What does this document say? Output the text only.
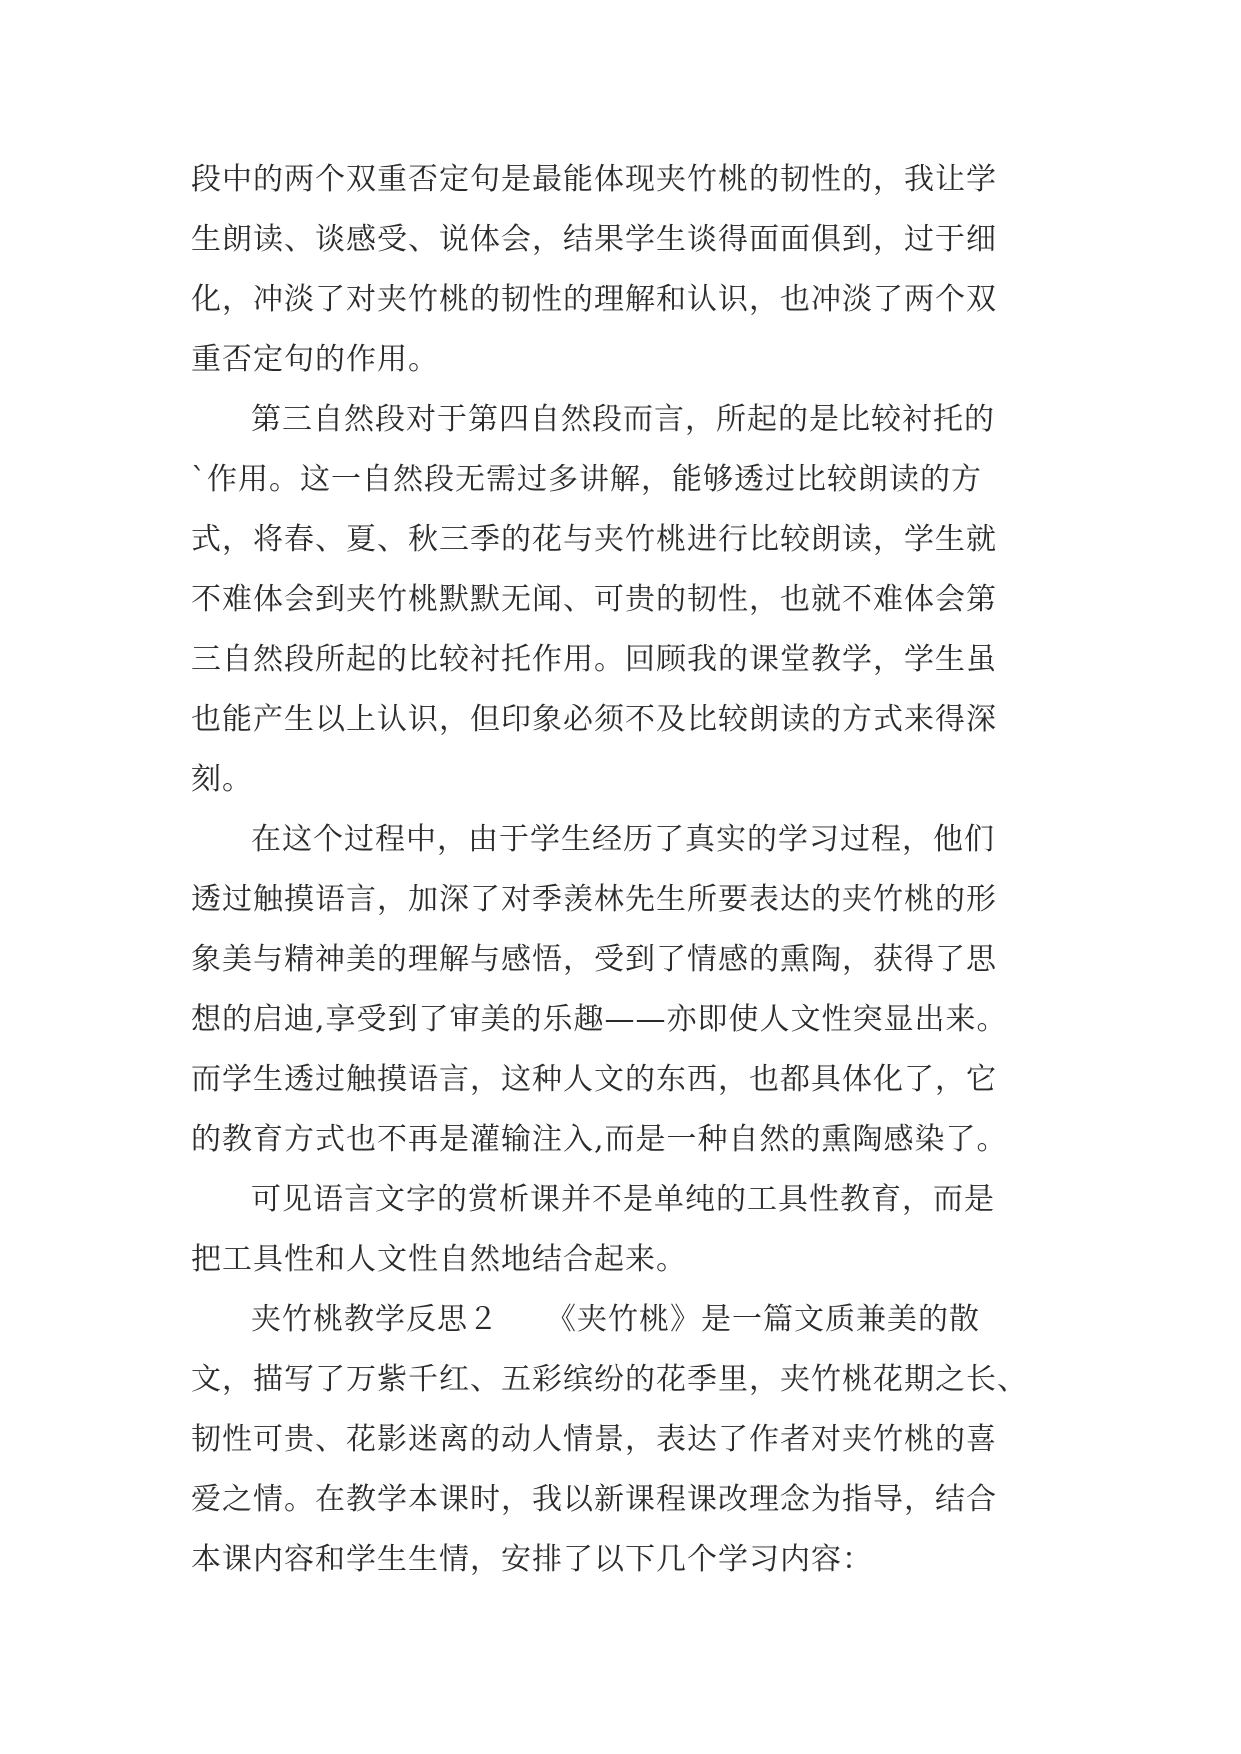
段中的两个双重否定句是最能体现夹竹桃的韧性的，我让学
生朗读、谈感受、说体会，结果学生谈得面面俱到，过于细
化，冲淡了对夹竹桃的韧性的理解和认识，也冲淡了两个双
重否定句的作用。

第三自然段对于第四自然段而言，所起的是比较衬托的
`作用。这一自然段无需过多讲解，能够透过比较朗读的方
式，将春、夏、秋三季的花与夹竹桃进行比较朗读，学生就
不难体会到夹竹桃默默无闻、可贵的韧性，也就不难体会第
三自然段所起的比较衬托作用。回顾我的课堂教学，学生虽
也能产生以上认识，但印象必须不及比较朗读的方式来得深
刻。

在这个过程中，由于学生经历了真实的学习过程，他们
透过触摸语言，加深了对季羡林先生所要表达的夹竹桃的形
象美与精神美的理解与感悟，受到了情感的熏陶，获得了思
想的启迪,享受到了审美的乐趣——亦即使人文性突显出来。
而学生透过触摸语言，这种人文的东西，也都具体化了，它
的教育方式也不再是灌输注入,而是一种自然的熏陶感染了。

可见语言文字的赏析课并不是单纯的工具性教育，而是
把工具性和人文性自然地结合起来。

夹竹桃教学反思２　　《夹竹桃》是一篇文质兼美的散
文，描写了万紫千红、五彩缤纷的花季里，夹竹桃花期之长、
韧性可贵、花影迷离的动人情景，表达了作者对夹竹桃的喜
爱之情。在教学本课时，我以新课程课改理念为指导，结合
本课内容和学生生情，安排了以下几个学习内容：
